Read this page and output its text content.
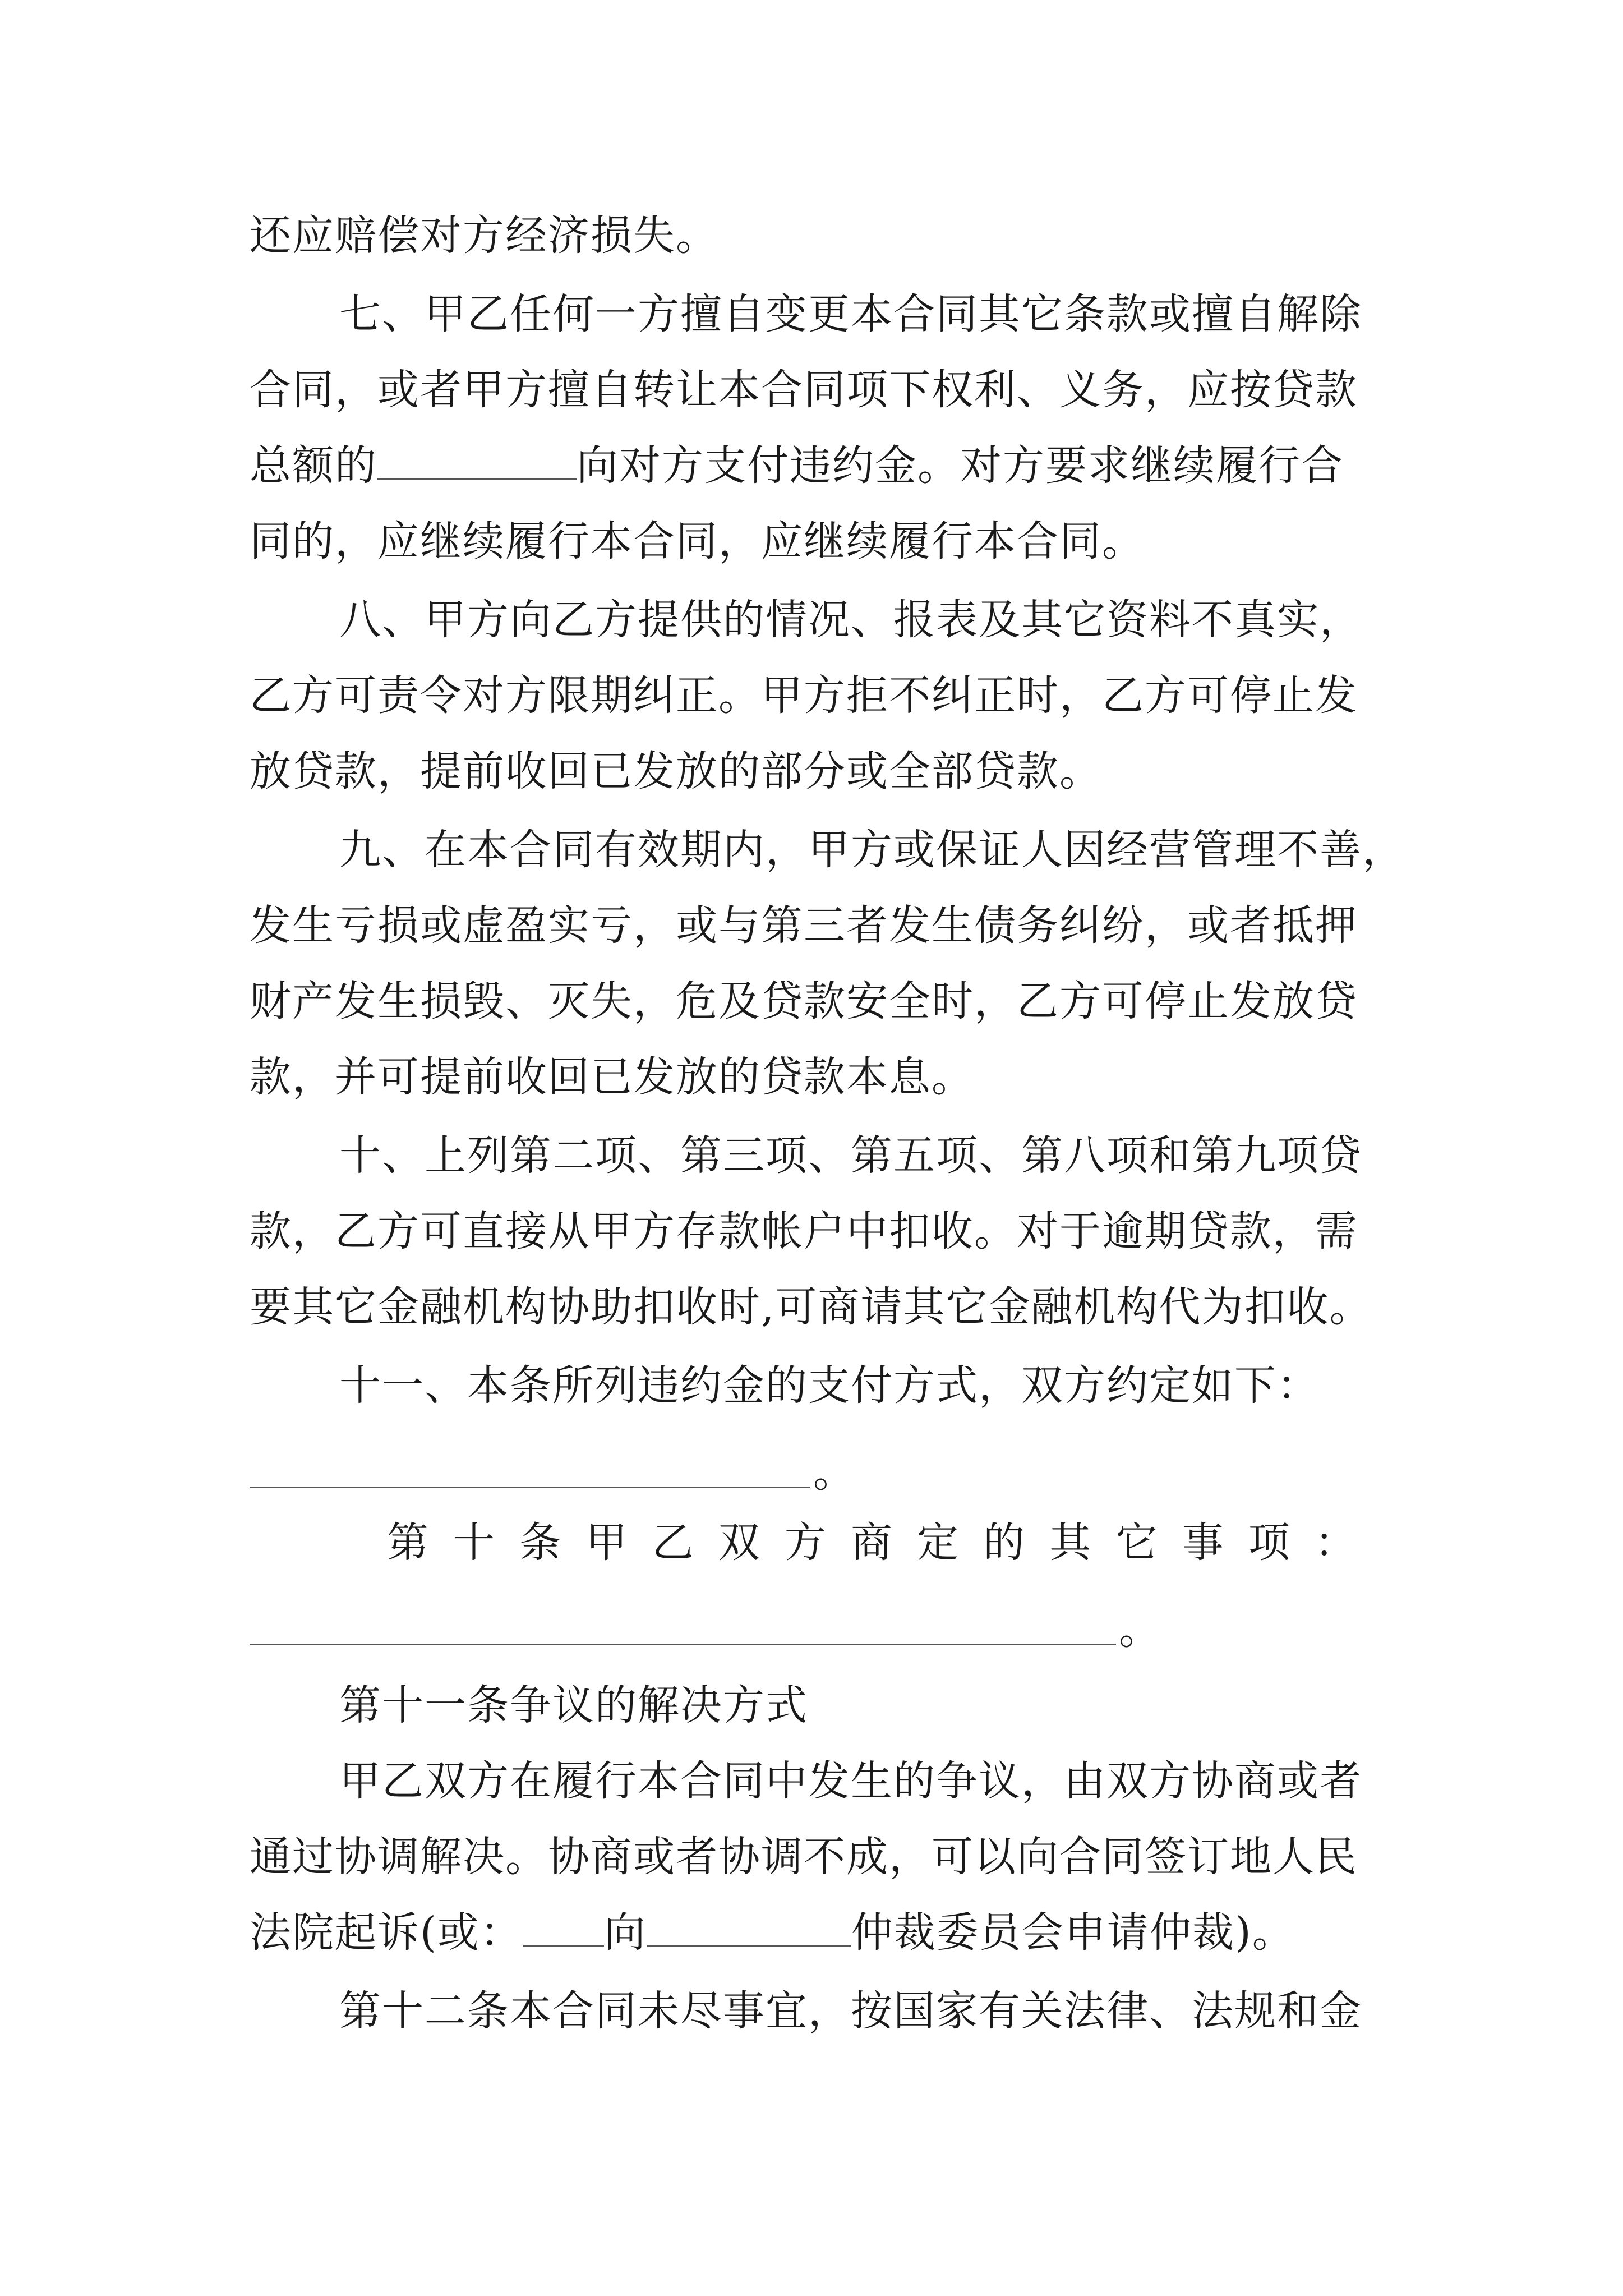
还应赔偿对方经济损失。

七、甲乙任何一方擅自变更本合同其它条款或擅自解除

合同，或者甲方擅自转让本合同项下权利、义务，应按贷款

总额的	向对方支付违约金。对方要求继续履行合

同的，应继续履行本合同，应继续履行本合同。

八、甲方向乙方提供的情况、报表及其它资料不真实，

乙方可责令对方限期纠正。甲方拒不纠正时，乙方可停止发

放贷款，提前收回已发放的部分或全部贷款。

九、在本合同有效期内，甲方或保证人因经营管理不善，

发生亏损或虚盈实亏，或与第三者发生债务纠纷，或者抵押

财产发生损毁、灭失，危及贷款安全时，乙方可停止发放贷

款，并可提前收回已发放的贷款本息。

十、上列第二项、第三项、第五项、第八项和第九项贷

款，乙方可直接从甲方存款帐户中扣收。对于逾期贷款，需

要其它金融机构协助扣收时,可商请其它金融机构代为扣收。

十一、本条所列违约金的支付方式，双方约定如下：

。

第十条甲乙双方商定的其它事项：

。

第十一条争议的解决方式

甲乙双方在履行本合同中发生的争议，由双方协商或者

通过协调解决。协商或者协调不成，可以向合同签订地人民

法院起诉(或： 向	仲裁委员会申请仲裁)。

第十二条本合同未尽事宜，按国家有关法律、法规和金
